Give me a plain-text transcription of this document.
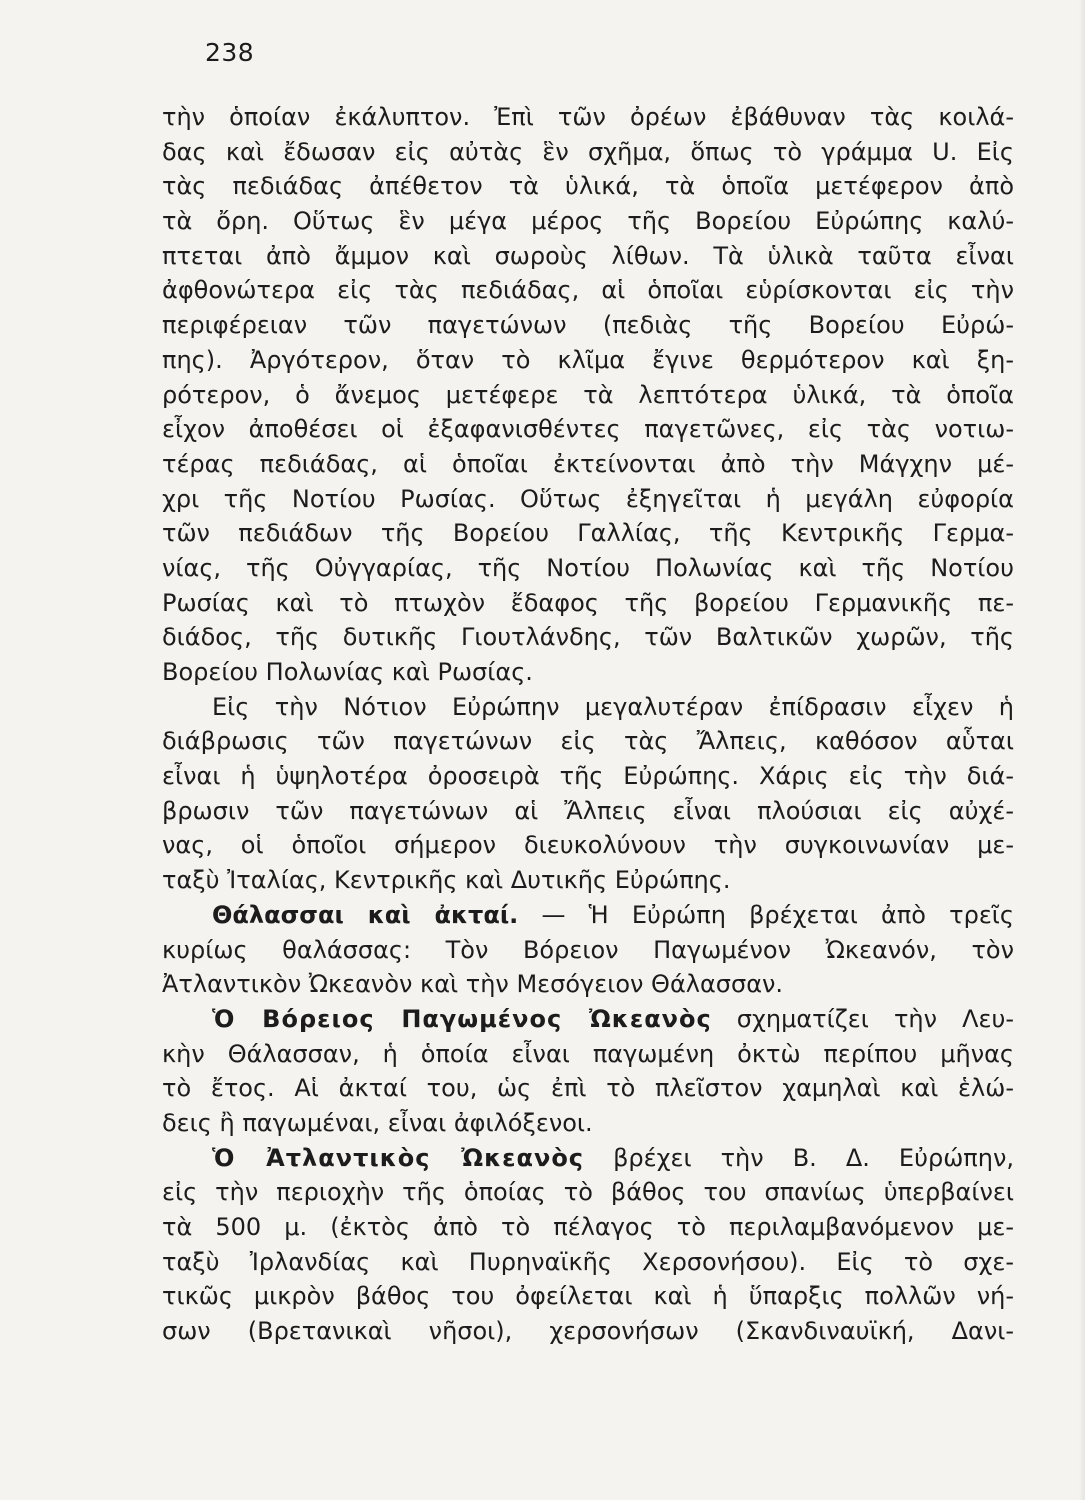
238
τὴν ὁποίαν ἐκάλυπτον. Ἐπὶ τῶν ὀρέων ἐβάθυναν τὰς κοιλά-
δας καὶ ἔδωσαν εἰς αὐτὰς ἓν σχῆμα, ὅπως τὸ γράμμα U. Εἰς
τὰς πεδιάδας ἀπέθετον τὰ ὑλικά, τὰ ὁποῖα μετέφερον ἀπὸ
τὰ ὄρη. Οὕτως ἓν μέγα μέρος τῆς Βορείου Εὐρώπης καλύ-
πτεται ἀπὸ ἄμμον καὶ σωροὺς λίθων. Τὰ ὑλικὰ ταῦτα εἶναι
ἀφθονώτερα εἰς τὰς πεδιάδας, αἱ ὁποῖαι εὑρίσκονται εἰς τὴν
περιφέρειαν τῶν παγετώνων (πεδιὰς τῆς Βορείου Εὐρώ-
πης). Ἀργότερον, ὅταν τὸ κλῖμα ἔγινε θερμότερον καὶ ξη-
ρότερον, ὁ ἄνεμος μετέφερε τὰ λεπτότερα ὑλικά, τὰ ὁποῖα
εἶχον ἀποθέσει οἱ ἐξαφανισθέντες παγετῶνες, εἰς τὰς νοτιω-
τέρας πεδιάδας, αἱ ὁποῖαι ἐκτείνονται ἀπὸ τὴν Μάγχην μέ-
χρι τῆς Νοτίου Ρωσίας. Οὕτως ἐξηγεῖται ἡ μεγάλη εὐφορία
τῶν πεδιάδων τῆς Βορείου Γαλλίας, τῆς Κεντρικῆς Γερμα-
νίας, τῆς Οὐγγαρίας, τῆς Νοτίου Πολωνίας καὶ τῆς Νοτίου
Ρωσίας καὶ τὸ πτωχὸν ἔδαφος τῆς βορείου Γερμανικῆς πε-
διάδος, τῆς δυτικῆς Γιουτλάνδης, τῶν Βαλτικῶν χωρῶν, τῆς
Βορείου Πολωνίας καὶ Ρωσίας.
Εἰς τὴν Νότιον Εὐρώπην μεγαλυτέραν ἐπίδρασιν εἶχεν ἡ
διάβρωσις τῶν παγετώνων εἰς τὰς Ἄλπεις, καθόσον αὗται
εἶναι ἡ ὑψηλοτέρα ὀροσειρὰ τῆς Εὐρώπης. Χάρις εἰς τὴν διά-
βρωσιν τῶν παγετώνων αἱ Ἄλπεις εἶναι πλούσιαι εἰς αὐχέ-
νας, οἱ ὁποῖοι σήμερον διευκολύνουν τὴν συγκοινωνίαν με-
ταξὺ Ἰταλίας, Κεντρικῆς καὶ Δυτικῆς Εὐρώπης.
Θάλασσαι καὶ ἀκταί. — Ἡ Εὐρώπη βρέχεται ἀπὸ τρεῖς
κυρίως θαλάσσας: Τὸν Βόρειον Παγωμένον Ὠκεανόν, τὸν
Ἀτλαντικὸν Ὠκεανὸν καὶ τὴν Μεσόγειον Θάλασσαν.
Ὁ Βόρειος Παγωμένος Ὠκεανὸς σχηματίζει τὴν Λευ-
κὴν Θάλασσαν, ἡ ὁποία εἶναι παγωμένη ὀκτὼ περίπου μῆνας
τὸ ἔτος. Αἱ ἀκταί του, ὡς ἐπὶ τὸ πλεῖστον χαμηλαὶ καὶ ἑλώ-
δεις ἢ παγωμέναι, εἶναι ἀφιλόξενοι.
Ὁ Ἀτλαντικὸς Ὠκεανὸς βρέχει τὴν Β. Δ. Εὐρώπην,
εἰς τὴν περιοχὴν τῆς ὁποίας τὸ βάθος του σπανίως ὑπερβαίνει
τὰ 500 μ. (ἐκτὸς ἀπὸ τὸ πέλαγος τὸ περιλαμβανόμενον με-
ταξὺ Ἰρλανδίας καὶ Πυρηναϊκῆς Χερσονήσου). Εἰς τὸ σχε-
τικῶς μικρὸν βάθος του ὀφείλεται καὶ ἡ ὕπαρξις πολλῶν νή-
σων (Βρετανικαὶ νῆσοι), χερσονήσων (Σκανδιναυϊκή, Δανι-
